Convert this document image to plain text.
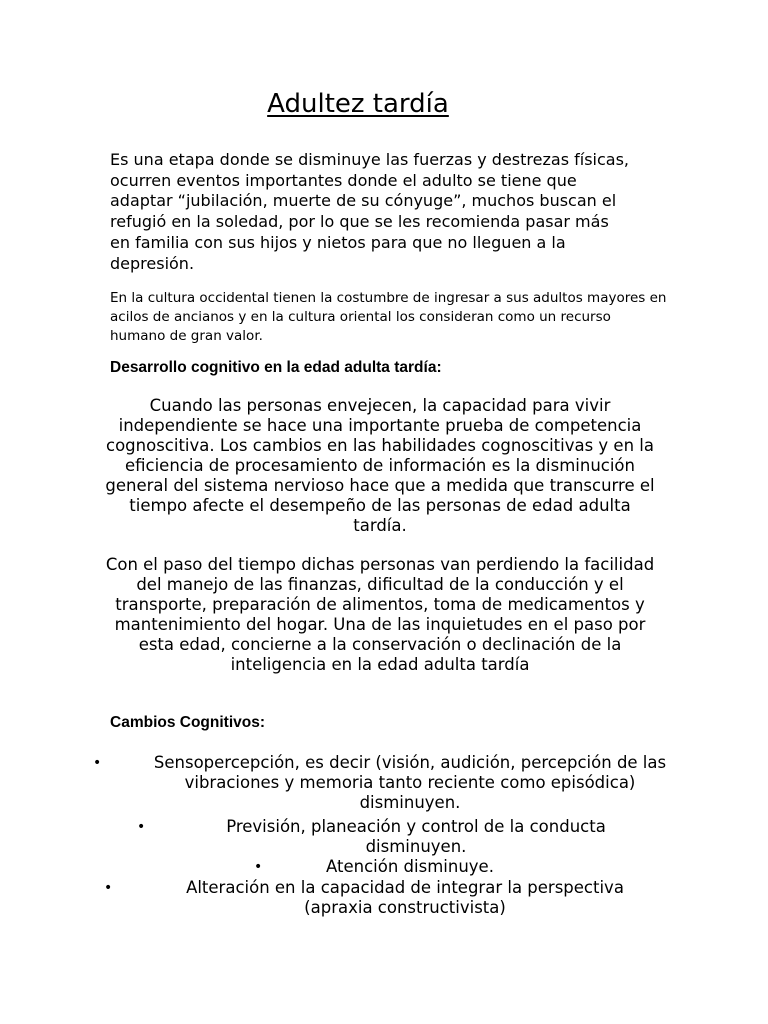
Adultez tardía

Es una etapa donde se disminuye las fuerzas y destrezas físicas, ocurren eventos importantes donde el adulto se tiene que adaptar “jubilación, muerte de su cónyuge”, muchos buscan el refugió en la soledad, por lo que se les recomienda pasar más en familia con sus hijos y nietos para que no lleguen a la depresión.

En la cultura occidental tienen la costumbre de ingresar a sus adultos mayores en acilos de ancianos y en la cultura oriental los consideran como un recurso humano de gran valor.

Desarrollo cognitivo en la edad adulta tardía:

Cuando las personas envejecen, la capacidad para vivir independiente se hace una importante prueba de competencia cognoscitiva. Los cambios en las habilidades cognoscitivas y en la eficiencia de procesamiento de información es la disminución general del sistema nervioso hace que a medida que transcurre el tiempo afecte el desempeño de las personas de edad adulta tardía.

Con el paso del tiempo dichas personas van perdiendo la facilidad del manejo de las finanzas, dificultad de la conducción y el transporte, preparación de alimentos, toma de medicamentos y mantenimiento del hogar. Una de las inquietudes en el paso por esta edad, concierne a la conservación o declinación de la inteligencia en la edad adulta tardía

Cambios Cognitivos:
•	Sensopercepción, es decir (visión, audición, percepción de las vibraciones y memoria tanto reciente como episódica) disminuyen.
•	Previsión, planeación y control de la conducta disminuyen.
•	Atención disminuye.
•	Alteración en la capacidad de integrar la perspectiva (apraxia constructivista)
